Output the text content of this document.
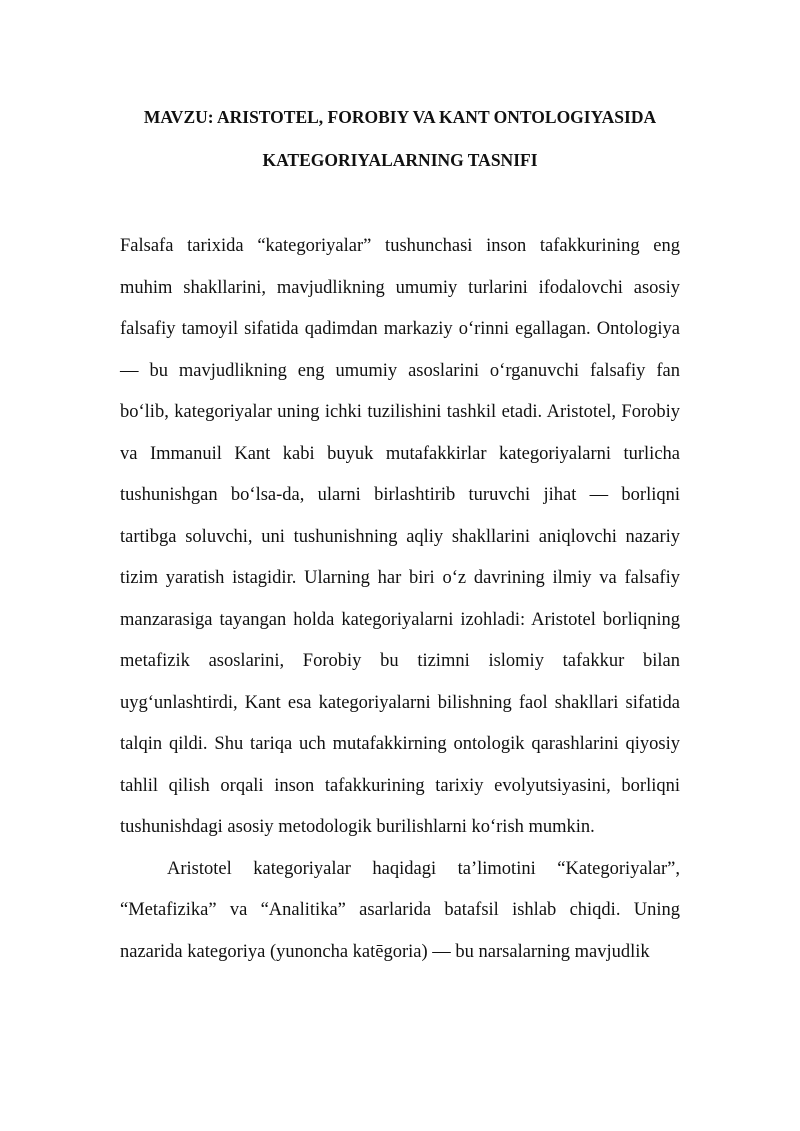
MAVZU: ARISTOTEL, FOROBIY VA KANT ONTOLOGIYASIDA

KATEGORIYALARNING TASNIFI

Falsafa tarixida “kategoriyalar” tushunchasi inson tafakkurining eng muhim shakllarini, mavjudlikning umumiy turlarini ifodalovchi asosiy falsafiy tamoyil sifatida qadimdan markaziy o‘rinni egallagan. Ontologiya — bu mavjudlikning eng umumiy asoslarini o‘rganuvchi falsafiy fan bo‘lib, kategoriyalar uning ichki tuzilishini tashkil etadi. Aristotel, Forobiy va Immanuil Kant kabi buyuk mutafakkirlar kategoriyalarni turlicha tushunishgan bo‘lsa-da, ularni birlashtirib turuvchi jihat — borliqni tartibga soluvchi, uni tushunishning aqliy shakllarini aniqlovchi nazariy tizim yaratish istagidir. Ularning har biri o‘z davrining ilmiy va falsafiy manzarasiga tayangan holda kategoriyalarni izohladi: Aristotel borliqning metafizik asoslarini, Forobiy bu tizimni islomiy tafakkur bilan uyg‘unlashtirdi, Kant esa kategoriyalarni bilishning faol shakllari sifatida talqin qildi. Shu tariqa uch mutafakkirning ontologik qarashlarini qiyosiy tahlil qilish orqali inson tafakkurining tarixiy evolyutsiyasini, borliqni tushunishdagi asosiy metodologik burilishlarni ko‘rish mumkin.

Aristotel kategoriyalar haqidagi ta’limotini “Kategoriyalar”, “Metafizika” va “Analitika” asarlarida batafsil ishlab chiqdi. Uning nazarida kategoriya (yunoncha katēgoria) — bu narsalarning mavjudlik
